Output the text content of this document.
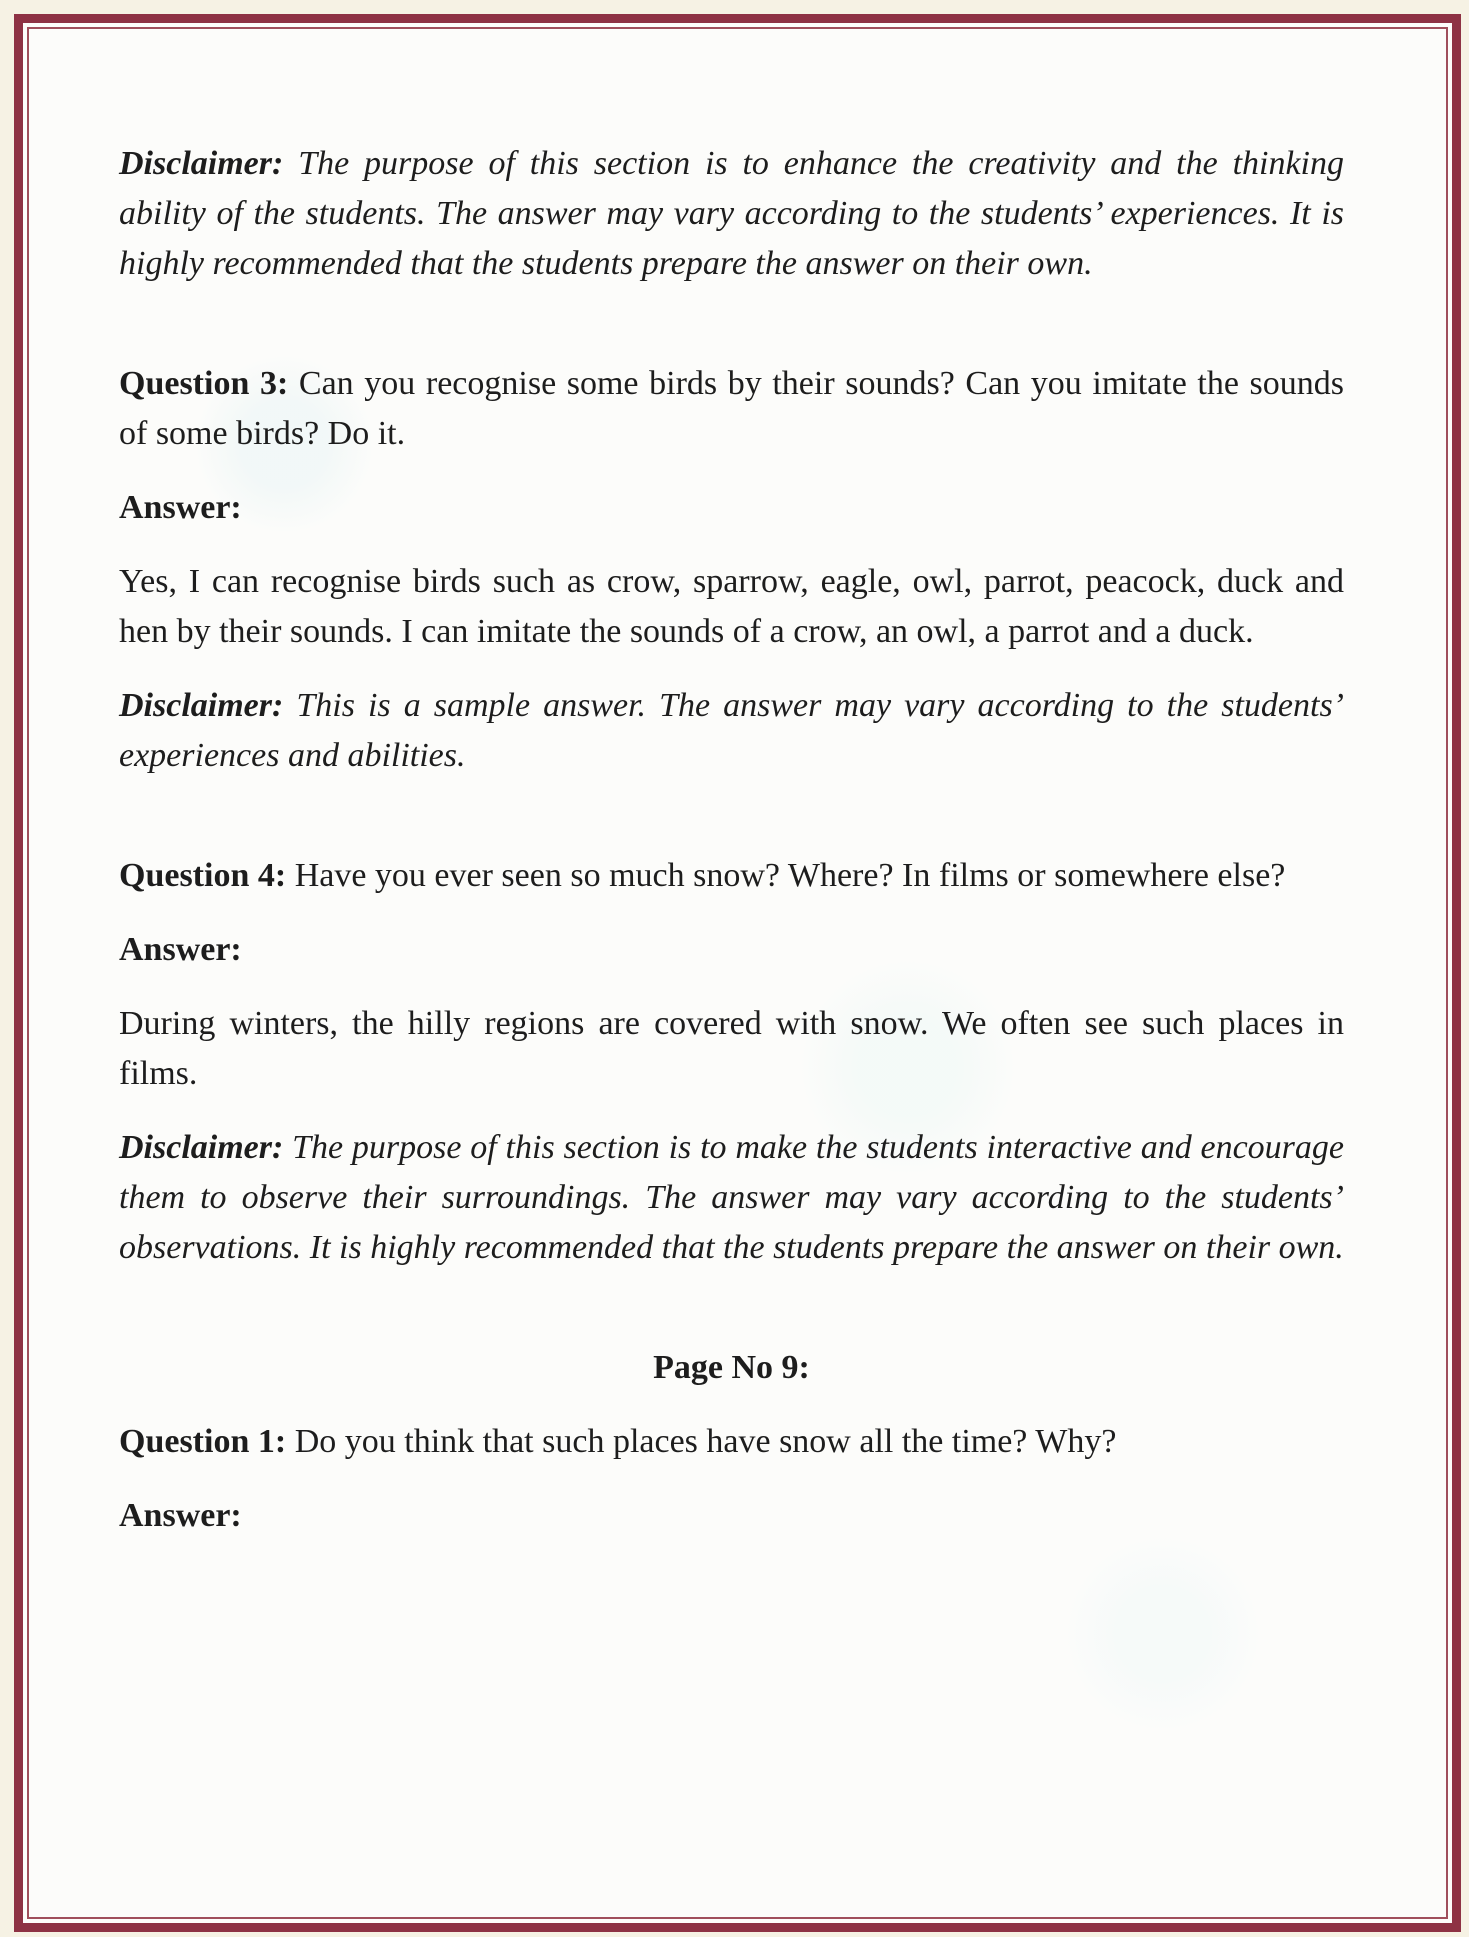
Disclaimer: The purpose of this section is to enhance the creativity and the thinking ability of the students. The answer may vary according to the students’ experiences. It is highly recommended that the students prepare the answer on their own.

Question 3: Can you recognise some birds by their sounds? Can you imitate the sounds of some birds? Do it.

Answer:

Yes, I can recognise birds such as crow, sparrow, eagle, owl, parrot, peacock, duck and hen by their sounds. I can imitate the sounds of a crow, an owl, a parrot and a duck.

Disclaimer: This is a sample answer. The answer may vary according to the students’ experiences and abilities.

Question 4: Have you ever seen so much snow? Where? In films or somewhere else?

Answer:

During winters, the hilly regions are covered with snow. We often see such places in films.

Disclaimer: The purpose of this section is to make the students interactive and encourage them to observe their surroundings. The answer may vary according to the students’ observations. It is highly recommended that the students prepare the answer on their own.

Page No 9:

Question 1: Do you think that such places have snow all the time? Why?

Answer:
